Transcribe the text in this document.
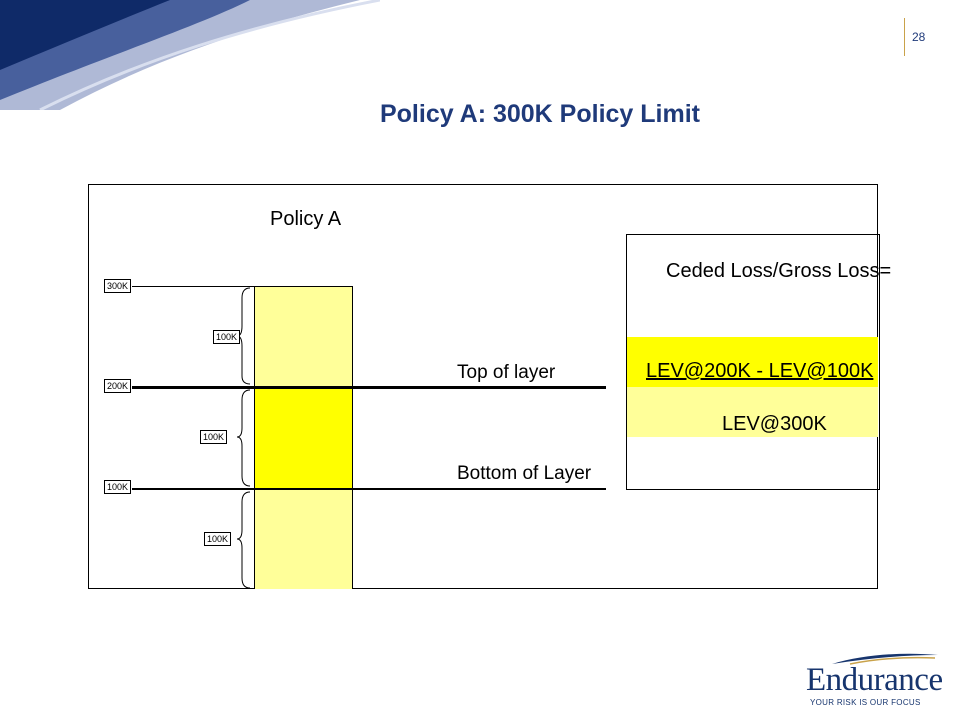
28
Policy A: 300K Policy Limit
Policy A
300K
200K
100K
100K
100K
100K
Top of layer
Bottom of Layer
Ceded Loss/Gross Loss=
LEV@200K - LEV@100K
LEV@300K
Endurance
YOUR RISK IS OUR FOCUS
